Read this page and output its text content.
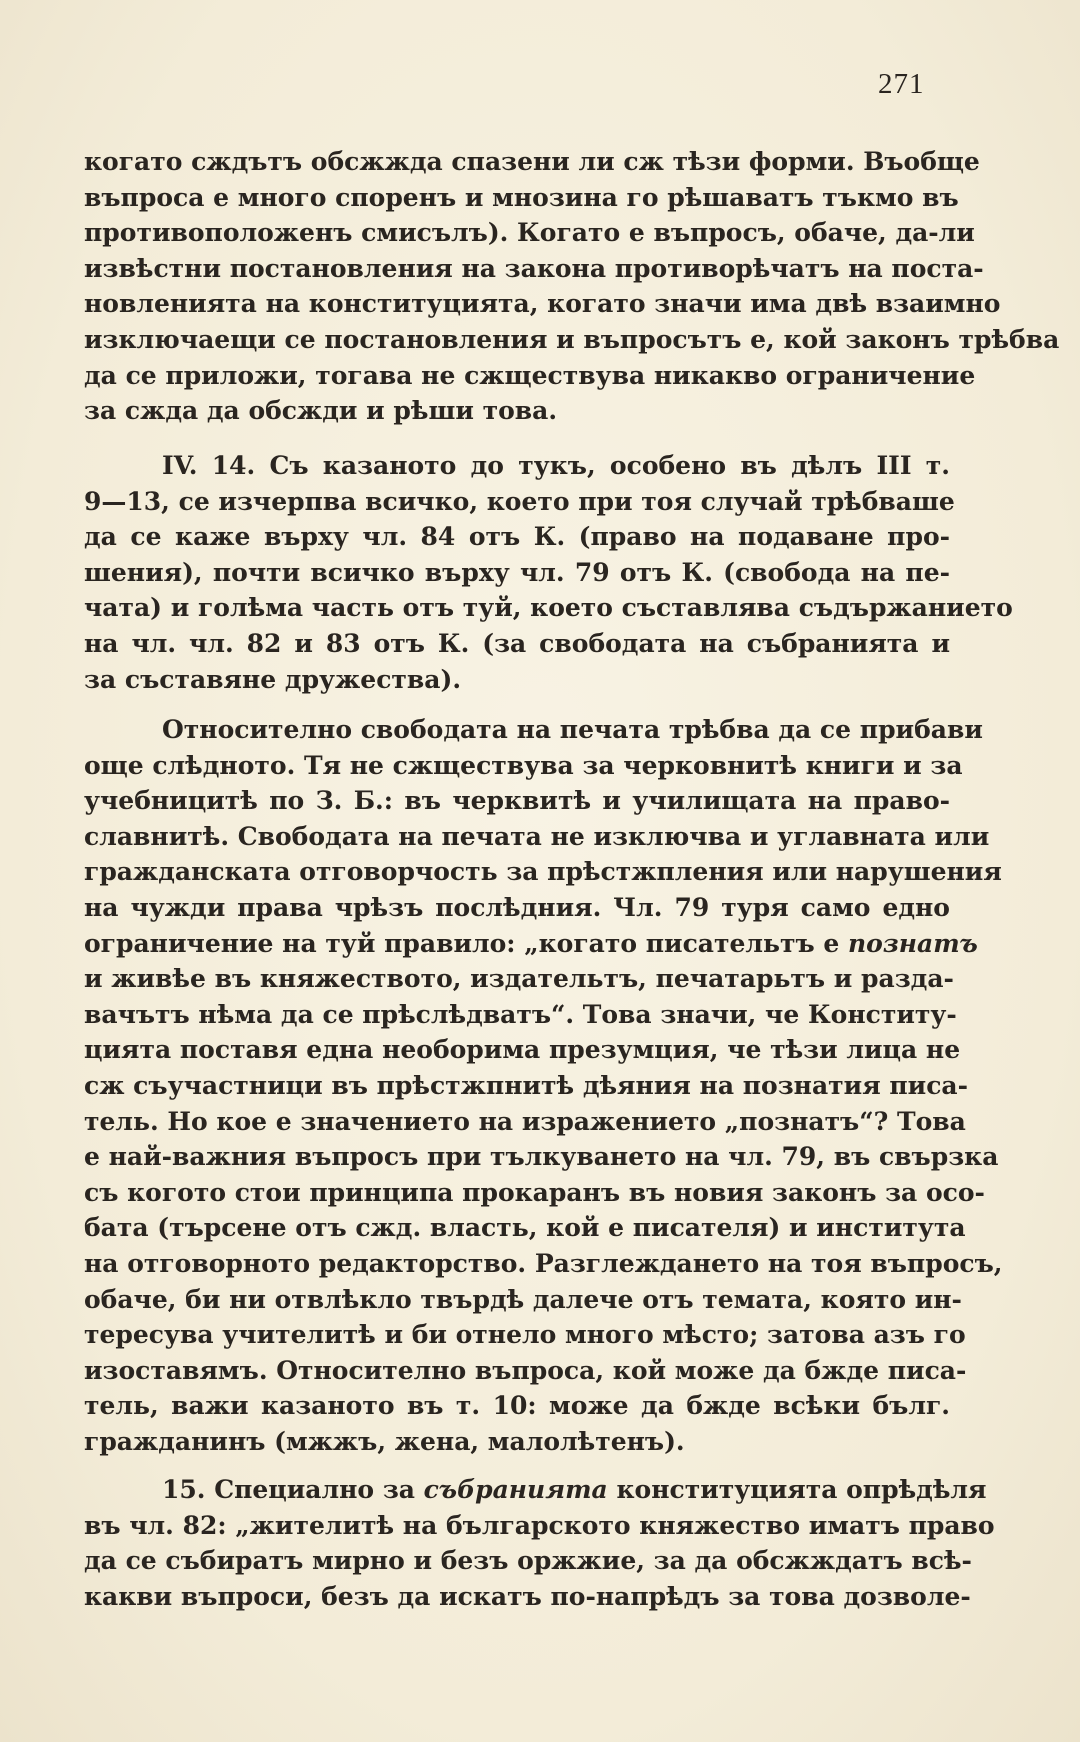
271
когато сждътъ обсжжда спазени ли сж тѣзи форми. Въобще
въпроса е много споренъ и мнозина го рѣшаватъ тъкмо въ
противоположенъ смисълъ). Когато е въпросъ, обаче, да-ли
извѣстни постановления на закона противорѣчатъ на поста-
новленията на конституцията, когато значи има двѣ взаимно
изключаещи се постановления и въпросътъ е, кой законъ трѣбва
да се приложи, тогава не сжществува никакво ограничение
за сжда да обсжди и рѣши това.
IV. 14. Съ казаното до тукъ, особено въ дѣлъ III т.
9—13, се изчерпва всичко, което при тоя случай трѣбваше
да се каже върху чл. 84 отъ К. (право на подаване про-
шения), почти всичко върху чл. 79 отъ К. (свобода на пе-
чата) и голѣма часть отъ туй, което съставлява съдържанието
на чл. чл. 82 и 83 отъ К. (за свободата на събранията и
за съставяне дружества).
Относително свободата на печата трѣбва да се прибави
още слѣдното. Тя не сжществува за черковнитѣ книги и за
учебницитѣ по З. Б.: въ черквитѣ и училищата на право-
славнитѣ. Свободата на печата не изключва и углавната или
гражданската отговорчость за прѣстжпления или нарушения
на чужди права чрѣзъ послѣдния. Чл. 79 туря само едно
ограничение на туй правило: „когато писательтъ е познатъ
и живѣе въ княжеството, издательтъ, печатарьтъ и разда-
вачътъ нѣма да се прѣслѣдватъ“. Това значи, че Конститу-
цията поставя една необорима презумция, че тѣзи лица не
сж съучастници въ прѣстжпнитѣ дѣяния на познатия писа-
тель. Но кое е значението на изражението „познатъ“? Това
е най-важния въпросъ при тълкуването на чл. 79, въ свързка
съ когото стои принципа прокаранъ въ новия законъ за осо-
бата (търсене отъ сжд. власть, кой е писателя) и института
на отговорното редакторство. Разглеждането на тоя въпросъ,
обаче, би ни отвлѣкло твърдѣ далече отъ темата, която ин-
тересува учителитѣ и би отнело много мѣсто; затова азъ го
изоставямъ. Относително въпроса, кой може да бжде писа-
тель, важи казаното въ т. 10: може да бжде всѣки бълг.
гражданинъ (мжжъ, жена, малолѣтенъ).
15. Специално за събранията конституцията опрѣдѣля
въ чл. 82: „жителитѣ на българското княжество иматъ право
да се събиратъ мирно и безъ оржжие, за да обсжждатъ всѣ-
какви въпроси, безъ да искатъ по-напрѣдъ за това дозволе-
